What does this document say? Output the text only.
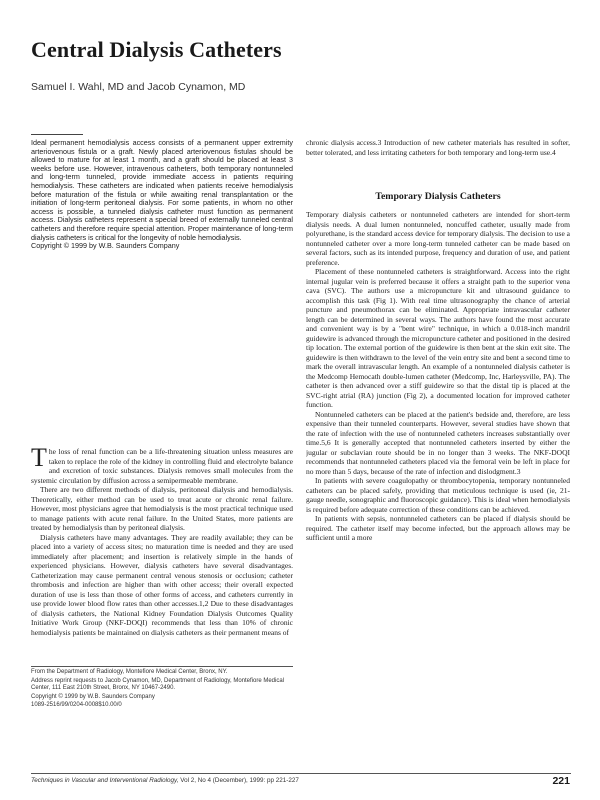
Central Dialysis Catheters
Samuel I. Wahl, MD and Jacob Cynamon, MD

Ideal permanent hemodialysis access consists of a permanent upper extremity arteriovenous fistula or a graft. Newly placed arteriovenous fistulas should be allowed to mature for at least 1 month, and a graft should be placed at least 3 weeks before use. However, intravenous catheters, both temporary nontunneled and long-term tunneled, provide immediate access in patients requiring hemodialysis. These catheters are indicated when patients receive hemodialysis before maturation of the fistula or while awaiting renal transplantation or the initiation of long-term peritoneal dialysis. For some patients, in whom no other access is possible, a tunneled dialysis catheter must function as permanent access. Dialysis catheters represent a special breed of externally tunneled central catheters and therefore require special attention. Proper maintenance of long-term dialysis catheters is critical for the longevity of noble hemodialysis.

Copyright © 1999 by W.B. Saunders Company

The loss of renal function can be a life-threatening situation unless measures are taken to replace the role of the kidney in controlling fluid and electrolyte balance and excretion of toxic substances. Dialysis removes small molecules from the systemic circulation by diffusion across a semipermeable membrane.

There are two different methods of dialysis, peritoneal dialysis and hemodialysis. Theoretically, either method can be used to treat acute or chronic renal failure. However, most physicians agree that hemodialysis is the most practical technique used to manage patients with acute renal failure. In the United States, more patients are treated by hemodialysis than by peritoneal dialysis.

Dialysis catheters have many advantages. They are readily available; they can be placed into a variety of access sites; no maturation time is needed and they are used immediately after placement; and insertion is relatively simple in the hands of experienced physicians. However, dialysis catheters have several disadvantages. Catheterization may cause permanent central venous stenosis or occlusion; catheter thrombosis and infection are higher than with other access; their overall expected duration of use is less than those of other forms of access, and catheters currently in use provide lower blood flow rates than other accesses.1,2 Due to these disadvantages of dialysis catheters, the National Kidney Foundation Dialysis Outcomes Quality Initiative Work Group (NKF-DOQI) recommends that less than 10% of chronic hemodialysis patients be maintained on dialysis catheters as their permanent means of

From the Department of Radiology, Montefiore Medical Center, Bronx, NY.

Address reprint requests to Jacob Cynamon, MD, Department of Radiology, Montefiore Medical Center, 111 East 210th Street, Bronx, NY 10467-2490.

Copyright © 1999 by W.B. Saunders Company

1089-2516/99/0204-0008$10.00/0

chronic dialysis access.3 Introduction of new catheter materials has resulted in softer, better tolerated, and less irritating catheters for both temporary and long-term use.4

Temporary Dialysis Catheters

Temporary dialysis catheters or nontunneled catheters are intended for short-term dialysis needs. A dual lumen nontunneled, noncuffed catheter, usually made from polyurethane, is the standard access device for temporary dialysis. The decision to use a nontunneled catheter over a more long-term tunneled catheter can be made based on several factors, such as its intended purpose, frequency and duration of use, and patient preference.

Placement of these nontunneled catheters is straightforward. Access into the right internal jugular vein is preferred because it offers a straight path to the superior vena cava (SVC). The authors use a micropuncture kit and ultrasound guidance to accomplish this task (Fig 1). With real time ultrasonography the chance of arterial puncture and pneumothorax can be eliminated. Appropriate intravascular catheter length can be determined in several ways. The authors have found the most accurate and convenient way is by a "bent wire" technique, in which a 0.018-inch mandril guidewire is advanced through the micropuncture catheter and positioned in the desired tip location. The external portion of the guidewire is then bent at the skin exit site. The guidewire is then withdrawn to the level of the vein entry site and bent a second time to mark the overall intravascular length. An example of a nontunneled dialysis catheter is the Medcomp Hemocath double-lumen catheter (Medcomp, Inc, Harleysville, PA). The catheter is then advanced over a stiff guidewire so that the distal tip is placed at the SVC-right atrial (RA) junction (Fig 2), a documented location for improved catheter function.

Nontunneled catheters can be placed at the patient's bedside and, therefore, are less expensive than their tunneled counterparts. However, several studies have shown that the rate of infection with the use of nontunneled catheters increases substantially over time.5,6 It is generally accepted that nontunneled catheters inserted by either the jugular or subclavian route should be in no longer than 3 weeks. The NKF-DOQI recommends that nontunneled catheters placed via the femoral vein be left in place for no more than 5 days, because of the rate of infection and dislodgment.3

In patients with severe coagulopathy or thrombocytopenia, temporary nontunneled catheters can be placed safely, providing that meticulous technique is used (ie, 21-gauge needle, sonographic and fluoroscopic guidance). This is ideal when hemodialysis is required before adequate correction of these conditions can be achieved.

In patients with sepsis, nontunneled catheters can be placed if dialysis should be required. The catheter itself may become infected, but the approach allows may be sufficient until a more

Techniques in Vascular and Interventional Radiology, Vol 2, No 4 (December), 1999: pp 221-227	221
